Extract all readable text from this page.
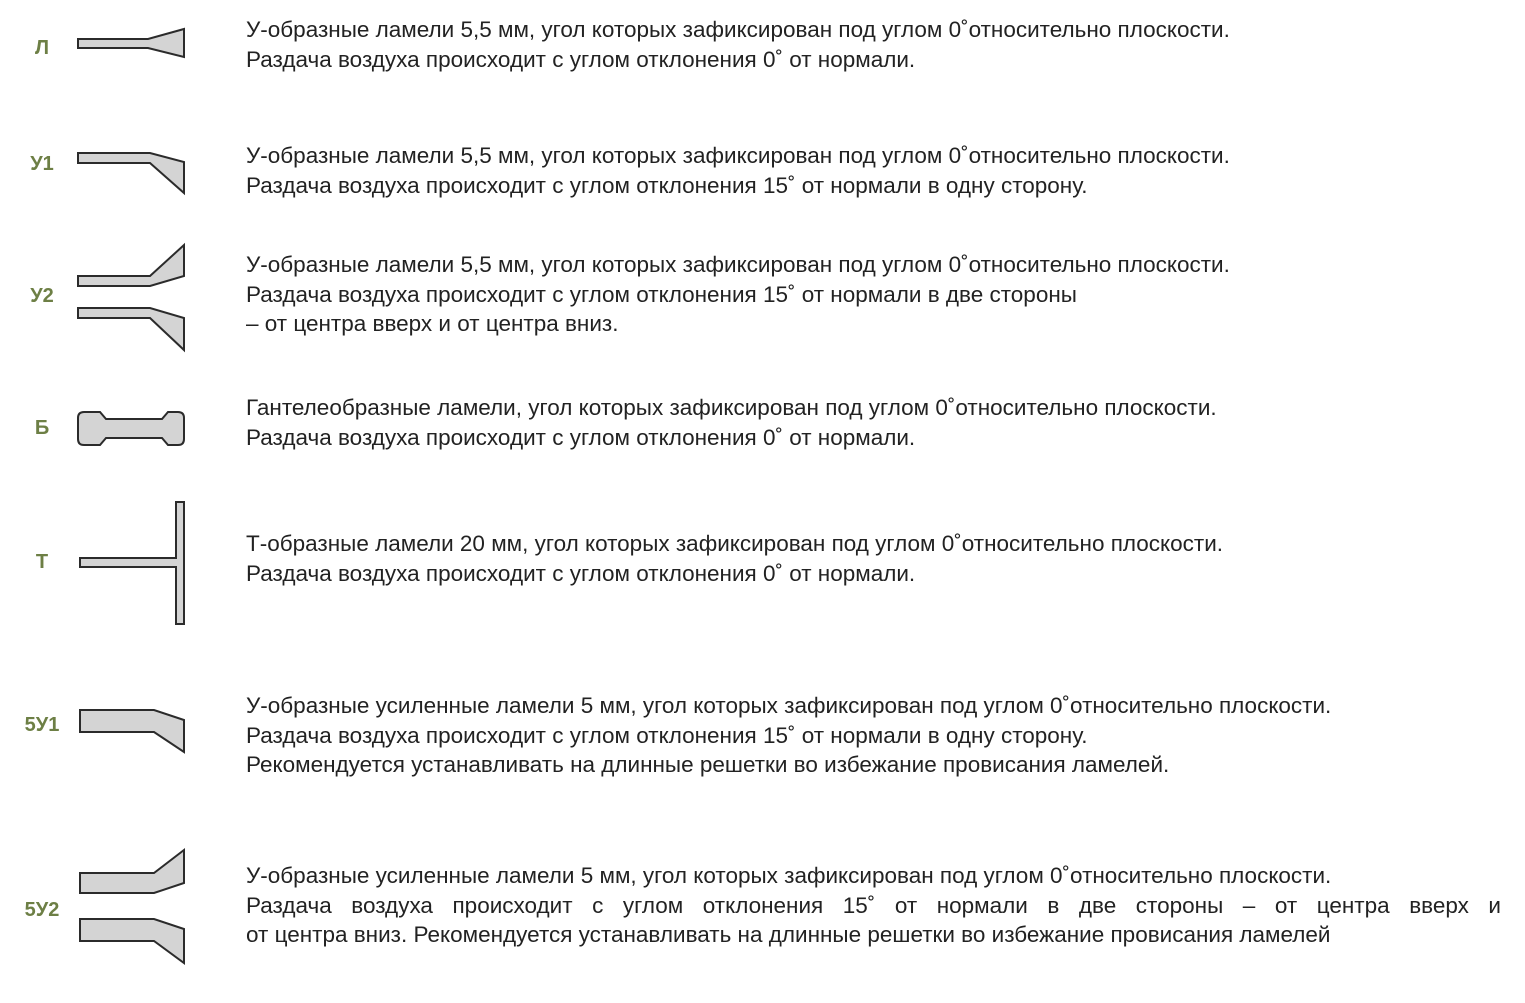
Л
У-образные ламели 5,5 мм, угол которых зафиксирован под углом 0˚относительно плоскости.
Раздача воздуха происходит с углом отклонения 0˚ от нормали.
У1	У-образные ламели 5,5 мм, угол которых зафиксирован под углом 0˚относительно плоскости.
Раздача воздуха происходит с углом отклонения 15˚ от нормали в одну сторону.
У2
У-образные ламели 5,5 мм, угол которых зафиксирован под углом 0˚относительно плоскости.
Раздача воздуха происходит с углом отклонения 15˚ от нормали в две стороны
– от центра вверх и от центра вниз.
Б
Гантелеобразные ламели, угол которых зафиксирован под углом 0˚относительно плоскости.
Раздача воздуха происходит с углом отклонения 0˚ от нормали.
Т
Т-образные ламели 20 мм, угол которых зафиксирован под углом 0˚относительно плоскости.
Раздача воздуха происходит с углом отклонения 0˚ от нормали.
5У1
У-образные усиленные ламели 5 мм, угол которых зафиксирован под углом 0˚относительно плоскости.
Раздача воздуха происходит с углом отклонения 15˚ от нормали в одну сторону.
Рекомендуется устанавливать на длинные решетки во избежание провисания ламелей.
5У2
У-образные усиленные ламели 5 мм, угол которых зафиксирован под углом 0˚относительно плоскости.
Раздача воздуха происходит с углом отклонения 15˚ от нормали в две стороны – от центра вверх и
от центра вниз. Рекомендуется устанавливать на длинные решетки во избежание провисания ламелей
